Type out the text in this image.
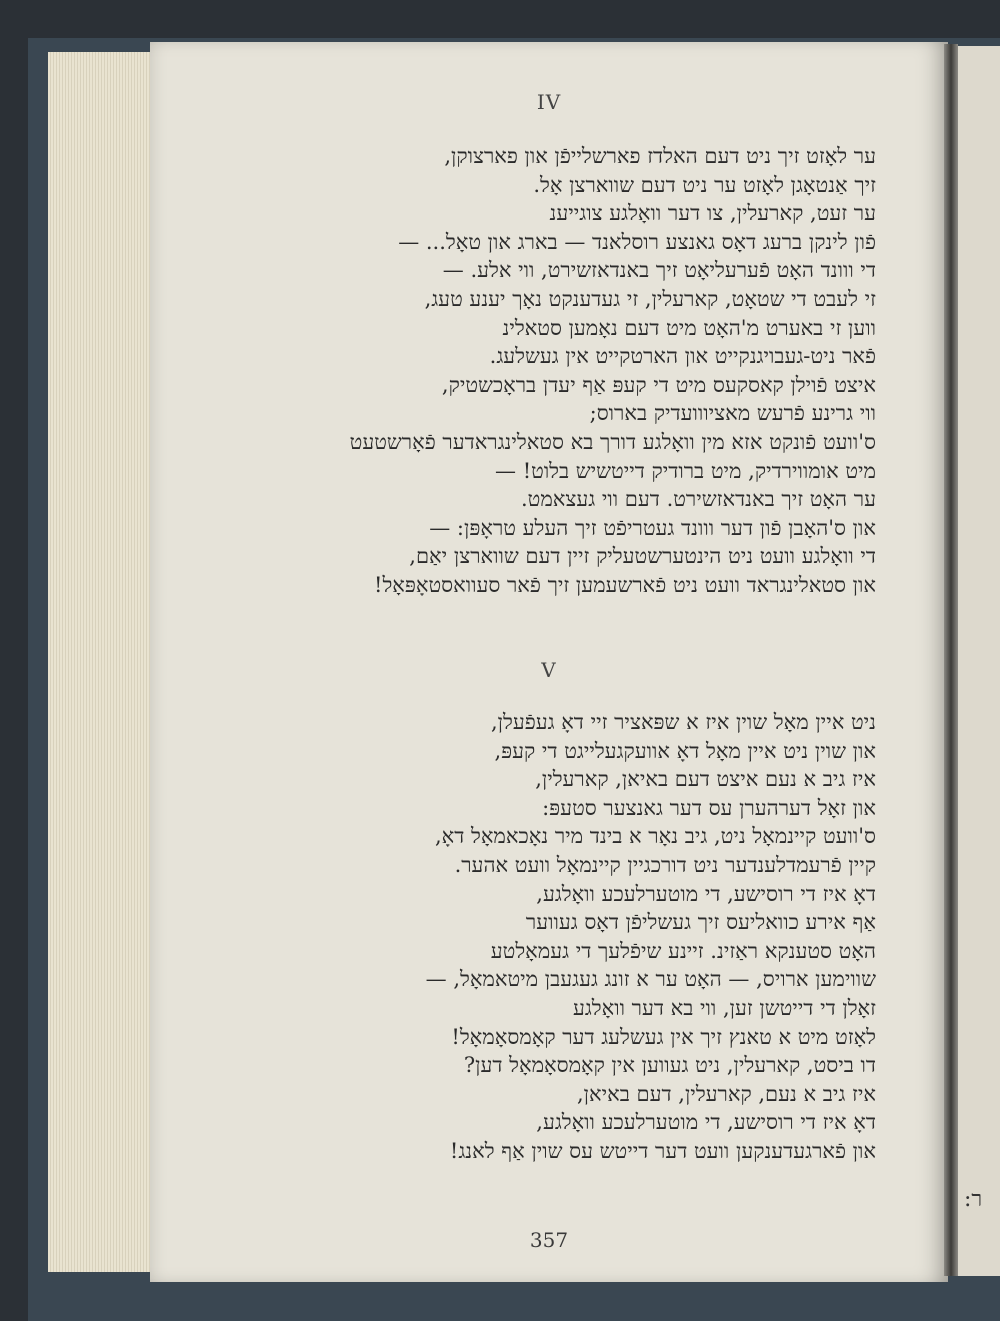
IV
ער לאָזט זיך ניט דעם האלדז פארשלייפֿן און פארצוקן,
זיך אַנטאָגן לאָזט ער ניט דעם שווארצן אָל.
ער זעט, קארעלין, צו דער וואָלגע צוגייענ
פֿון לינקן ברעג דאָס גאנצע רוסלאנד — בארג און טאָל... —
די ווונד האָט פֿערעליאָט זיך באנדאזשירט, ווי אלע. —
זי לעבט די שטאָט, קארעלין, זי געדענקט נאָך יענע טעג,
ווען זי באערט מ'האָט מיט דעם נאָמען סטאלינ
פֿאר ניט-געבויגנקייט און הארטקייט אין געשלעג.
איצט פֿוילן קאסקעס מיט די קעפּ אַף יעדן בראָכשטיק,
ווי גרינע פֿרעש מאציווועדיק בארוס;
ס'וועט פֿונקט אזא מין וואָלגע דורך בא סטאלינגראדער פֿאָרשטעט
מיט אומווירדיק, מיט ברודיק דייטשיש בלוט! —
ער האָט זיך באנדאזשירט. דעם ווי געצאמט.
און ס'האָבן פֿון דער ווונד געטריפֿט זיך העלע טראָפּן: —
די וואָלגע וועט ניט הינטערשטעליק זיין דעם שווארצן יאַם,
און סטאלינגראד וועט ניט פֿארשעמען זיך פֿאר סעוואסטאָפּאָל!
V
ניט איין מאָל שוין איז א שפּאציר זיי דאָ געפֿעלן,
און שוין ניט איין מאָל דאָ אוועקגעלייגט די קעפּ,
איז גיב א נעם איצט דעם באיאן, קארעלין,
און זאָל דערהערן עס דער גאנצער סטעפּ:
ס'וועט קיינמאָל ניט, גיב נאָר א בינד מיר נאָכאמאָל דאָ,
קיין פֿרעמדלענדער ניט דורכגיין קיינמאָל וועט אהער.
דאָ איז די רוסישע, די מוטערלעכע וואָלגע,
אַף אירע כוואליעס זיך געשליפֿן דאָס געווער
האָט סטענקא ראַזינ. זיינע שיפֿלעך די געמאָלטע
שווימען ארויס, — האָט ער א זונג געגעבן מיטאמאָל, —
זאָלן די דייטשן זען, ווי בא דער וואָלגע
לאָזט מיט א טאנץ זיך אין געשלעג דער קאָמסאָמאָל!
דו ביסט, קארעלין, ניט געווען אין קאָמסאָמאָל דען?
איז גיב א נעם, קארעלין, דעם באיאן,
דאָ איז די רוסישע, די מוטערלעכע וואָלגע,
און פֿארגעדענקען וועט דער דייטש עס שוין אַף לאנג!
357
ר:
